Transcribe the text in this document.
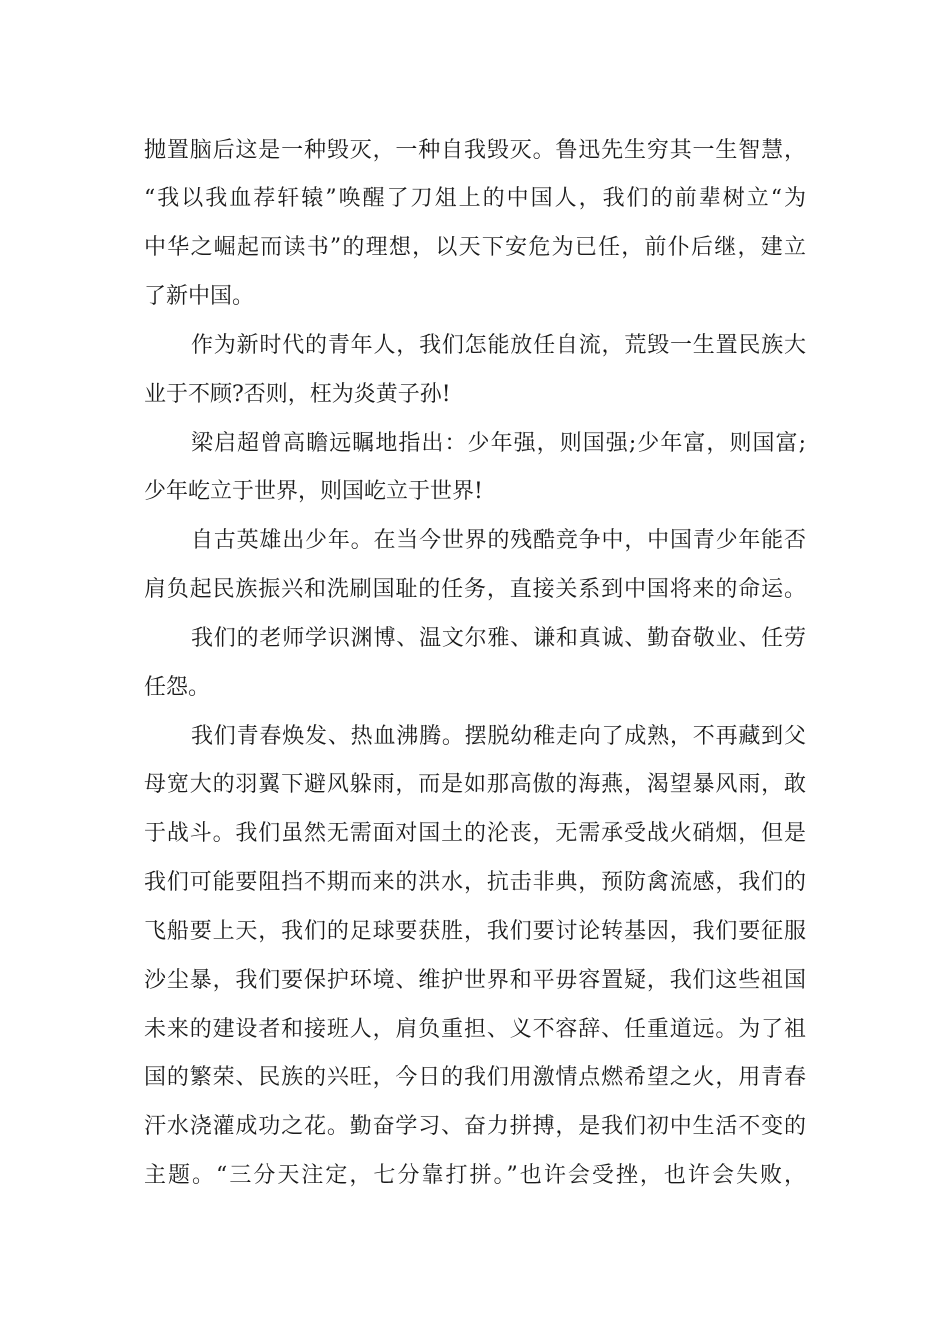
抛置脑后这是一种毁灭，一种自我毁灭。鲁迅先生穷其一生智慧，
“我以我血荐轩辕”唤醒了刀俎上的中国人，我们的前辈树立“为
中华之崛起而读书”的理想，以天下安危为已任，前仆后继，建立
了新中国。
作为新时代的青年人，我们怎能放任自流，荒毁一生置民族大
业于不顾?否则，枉为炎黄子孙!
梁启超曾高瞻远瞩地指出：少年强，则国强;少年富，则国富;
少年屹立于世界，则国屹立于世界!
自古英雄出少年。在当今世界的残酷竞争中，中国青少年能否
肩负起民族振兴和洗刷国耻的任务，直接关系到中国将来的命运。
我们的老师学识渊博、温文尔雅、谦和真诚、勤奋敬业、任劳
任怨。
我们青春焕发、热血沸腾。摆脱幼稚走向了成熟，不再藏到父
母宽大的羽翼下避风躲雨，而是如那高傲的海燕，渴望暴风雨，敢
于战斗。我们虽然无需面对国土的沦丧，无需承受战火硝烟，但是
我们可能要阻挡不期而来的洪水，抗击非典，预防禽流感，我们的
飞船要上天，我们的足球要获胜，我们要讨论转基因，我们要征服
沙尘暴，我们要保护环境、维护世界和平毋容置疑，我们这些祖国
未来的建设者和接班人，肩负重担、义不容辞、任重道远。为了祖
国的繁荣、民族的兴旺，今日的我们用激情点燃希望之火，用青春
汗水浇灌成功之花。勤奋学习、奋力拼搏，是我们初中生活不变的
主题。“三分天注定，七分靠打拼。”也许会受挫，也许会失败，
